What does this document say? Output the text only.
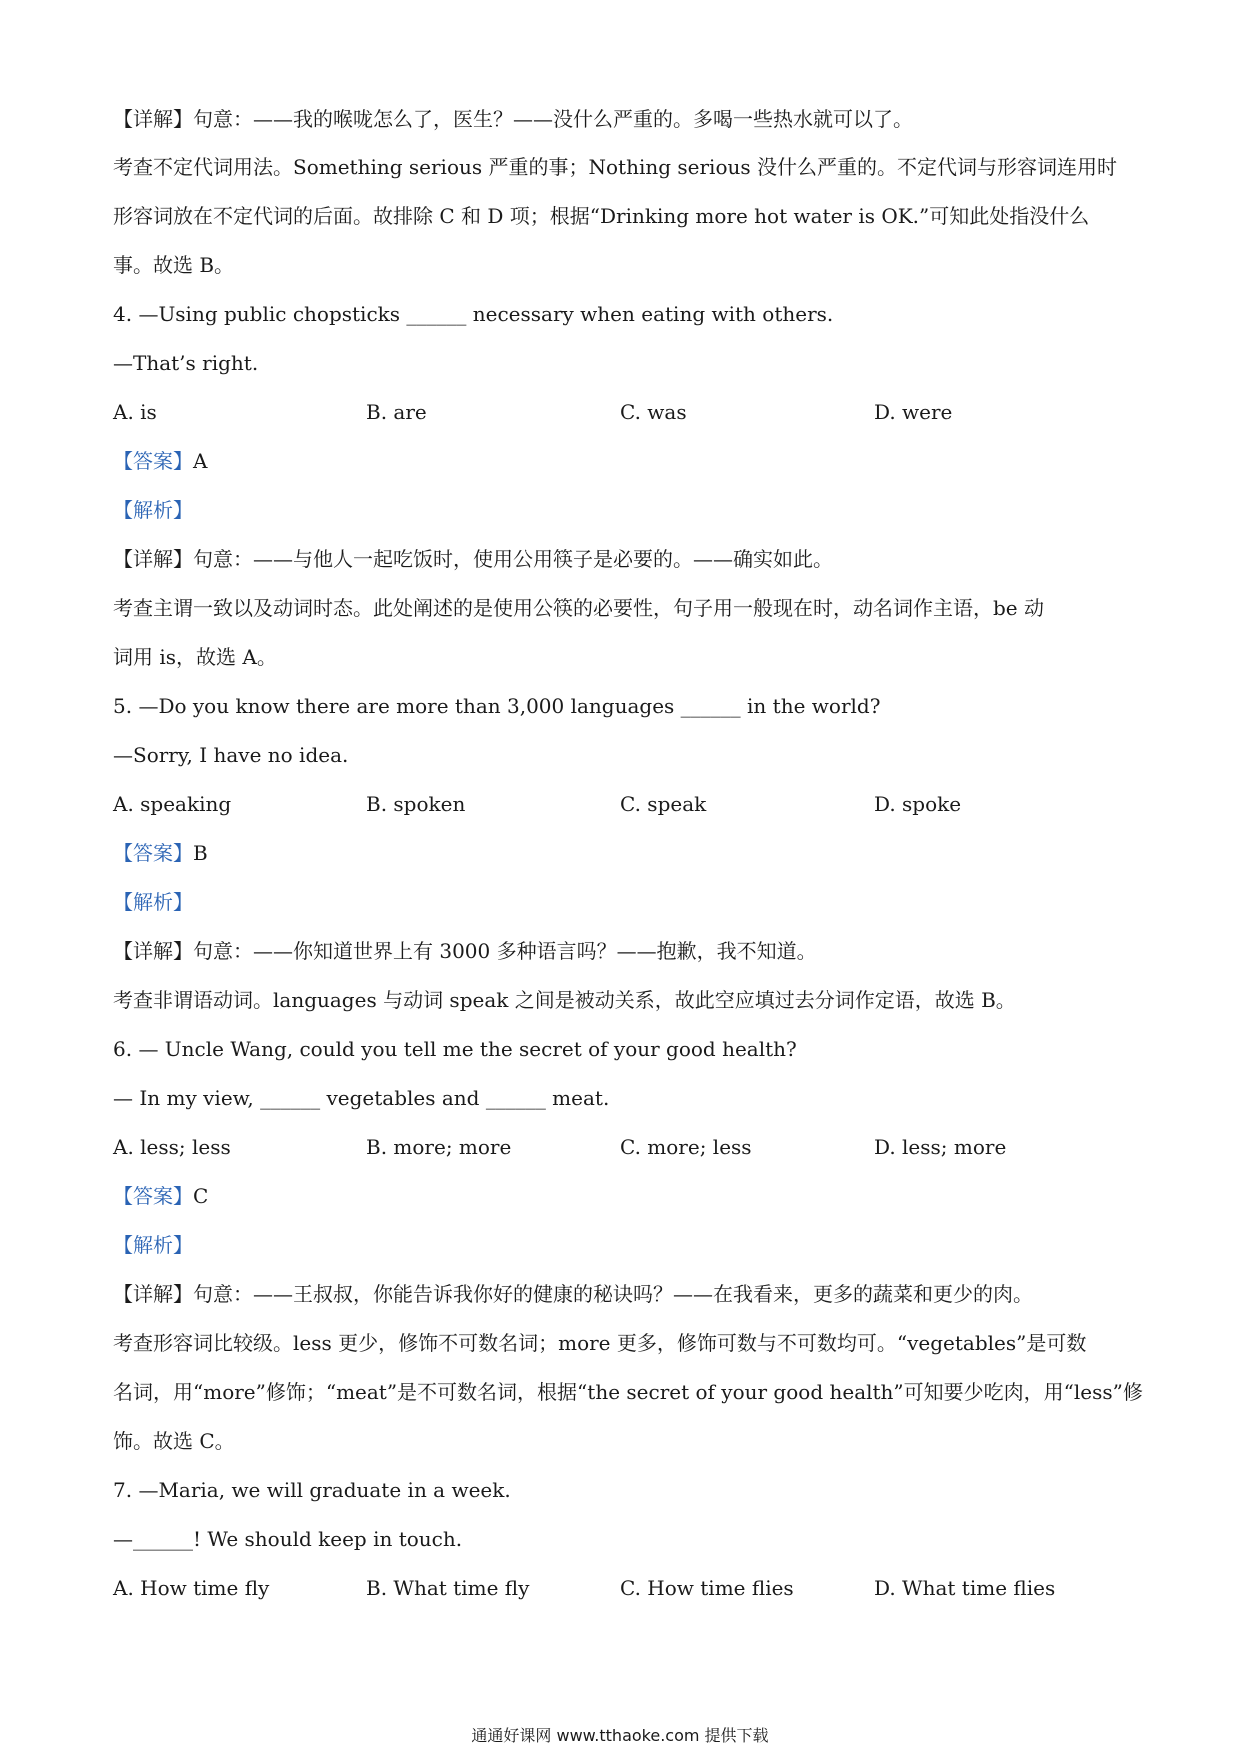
【详解】句意：——我的喉咙怎么了，医生？——没什么严重的。多喝一些热水就可以了。
考查不定代词用法。Something serious 严重的事；Nothing serious 没什么严重的。不定代词与形容词连用时
形容词放在不定代词的后面。故排除 C 和 D 项；根据“Drinking more hot water is OK.”可知此处指没什么
事。故选 B。
4. —Using public chopsticks ______ necessary when eating with others.
—That’s right.
A. is	B. are	C. was	D. were
【答案】A
【解析】
【详解】句意：——与他人一起吃饭时，使用公用筷子是必要的。——确实如此。
考查主谓一致以及动词时态。此处阐述的是使用公筷的必要性，句子用一般现在时，动名词作主语，be 动
词用 is，故选 A。
5. —Do you know there are more than 3,000 languages ______ in the world?
—Sorry, I have no idea.
A. speaking	B. spoken	C. speak	D. spoke
【答案】B
【解析】
【详解】句意：——你知道世界上有 3000 多种语言吗？——抱歉，我不知道。
考查非谓语动词。languages 与动词 speak 之间是被动关系，故此空应填过去分词作定语，故选 B。
6. — Uncle Wang, could you tell me the secret of your good health?
— In my view, ______ vegetables and ______ meat.
A. less; less	B. more; more	C. more; less	D. less; more
【答案】C
【解析】
【详解】句意：——王叔叔，你能告诉我你好的健康的秘诀吗？——在我看来，更多的蔬菜和更少的肉。
考查形容词比较级。less 更少，修饰不可数名词；more 更多，修饰可数与不可数均可。“vegetables”是可数
名词，用“more”修饰；“meat”是不可数名词，根据“the secret of your good health”可知要少吃肉，用“less”修
饰。故选 C。
7. —Maria, we will graduate in a week.
—______! We should keep in touch.
A. How time fly	B. What time fly	C. How time flies	D. What time flies
通通好课网 www.tthaoke.com 提供下载
